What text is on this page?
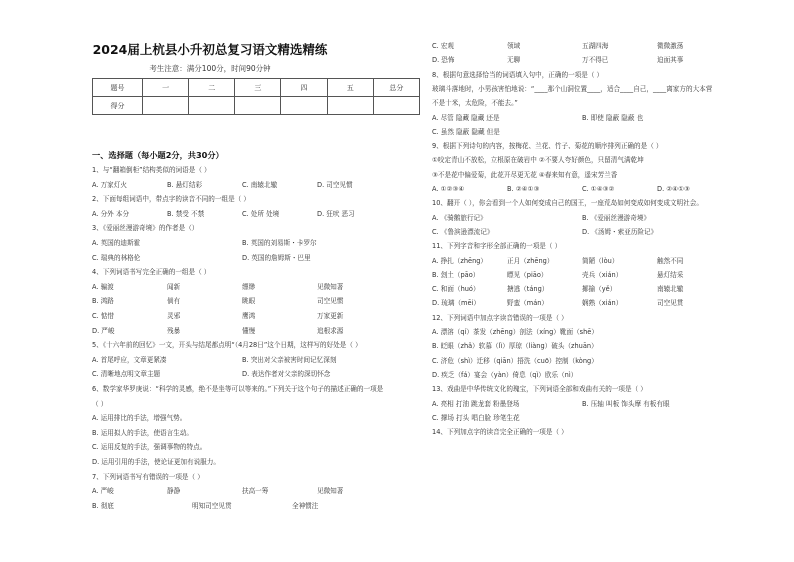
2024届上杭县小升初总复习语文精选精练
考生注意：满分100分，时间90分钟
题号	一	二	三	四	五	总分
得分						
一、选择题（每小题2分，共30分）
1、与“翻箱倒柜”结构类似的词语是（ ）
A. 万家灯火	B. 悬灯结彩	C. 南辕北辙	D. 司空见惯
2、下面每组词语中，带点字的读音不同的一组是（ ）
A. 分外 本分	B. 禁受 不禁	C. 处所 处境	D. 狂吠 恶习
3、《爱丽丝漫游奇境》的作者是（）
A. 英国的迪斯霍	B. 英国的刘易斯・卡罗尔
C. 瑞典的林格伦	D. 英国的詹姆斯・巴里
4、下列词语书写完全正确的一组是（ ）
A. 骗渡	闻新	缥缈	见微知著
B. 鸿路	倘有	眺眼	司空见惯
C. 惦惜	灵邪	鹰鸿	万家更新
D. 严峻	残暴	懂慢	追根求源
5、《十六年前的回忆》一文，开头与结尾都点明“（4月28日”这个日期，这样写的好处是（ ）
A. 首尾呼应，文章更紧凑	B. 突出对父亲被害时间记忆深刻
C. 清晰地点明文章主题	D. 表达作者对父亲的深切怀念
6、数学家华罗庚说：“科学的灵感，绝不是坐等可以等来的。”下列关于这个句子的描述正确的一项是
（ ）
A. 运用排比的手法，增强气势。
B. 运用拟人的手法，使语言生动。
C. 运用反复的手法，强调事物的特点。
D. 运用引用的手法，使论证更加有说服力。
7、下列词语书写有错误的一项是（ ）
A. 严峻	静静	扶高一筹	见微知著
B. 彻底	明知司空见贯	全神惯注
C. 宏观	领域	五湖四海	微微激荡
D. 恐怖	无聊	万不得已	迫面其事
8、根据句意选择恰当的词语填入句中，正确的一项是（ ）
玻璃斗落地时，小男孩害怕地说：“____那个山洞位置____，适合____自己，____离家方的大本营
不是十米，太危险，不能去。”
A. 尽管 隐藏 隐藏 还是	B. 即使 隐蔽 隐蔽 也
C. 虽然 隐蔽 隐藏 但是
9、根据下列诗句的内容，按梅花、兰花、竹子、菊花的顺序排列正确的是（ ）
①咬定青山不放松，立根原在破岩中 ②不要人夸好颜色，只留清气满乾坤
③不是花中偏爱菊，此花开尽更无花 ④春来知有意，遥宋芳兰香
A. ①②③④	B. ②④①③	C. ①④③②	D. ②④①③
10、翻开（ ），你会看到一个人如何变成自己的国王，一座荒岛如何变成如何变成文明社会。
A. 《骑鹅旅行记》	B. 《爱丽丝漫游奇境》
C. 《鲁滨逊漂流记》	D. 《汤姆・索亚历险记》
11、下列字音和字形全部正确的一项是（ ）
A. 挣扎（zhēng）	正月（zhēng）	简陋（lòu）	触然不同
B. 刽土（pāo）	瞟见（piāo）	壳兵（xián）	悬灯结采
C. 和面（huó）	搪逃（táng）	揶揄（yě）	南辕北辙
D. 琉璃（mēi）	野蛮（mán）	娴熟（xián）	司空见贯
12、下列词语中加点字读音错误的一项是（ ）
A. 漂溶（qí）茶发（zhēng）剖法（xíng）靴面（shē）
B. 眨眼（zhǎ）软慕（lì）厚琼（liàng）破头（zhuān）
C. 济危（shì）迁移（qiān）捂洗（cuō）控制（kòng）
D. 疾乏（fá）宴会（yàn）倚息（qì）欧乐（nì）
13、戏曲是中华传统文化的瑰宝，下列词语全部和戏曲有关的一项是（ ）
A. 亮相 打油 跳龙套 粉墨登场	B. 压轴 叫板 饰头摩 有板有眼
C. 撑场 打头 唱白脸 珍笔生花
14、下列加点字的读音完全正确的一项是（ ）
